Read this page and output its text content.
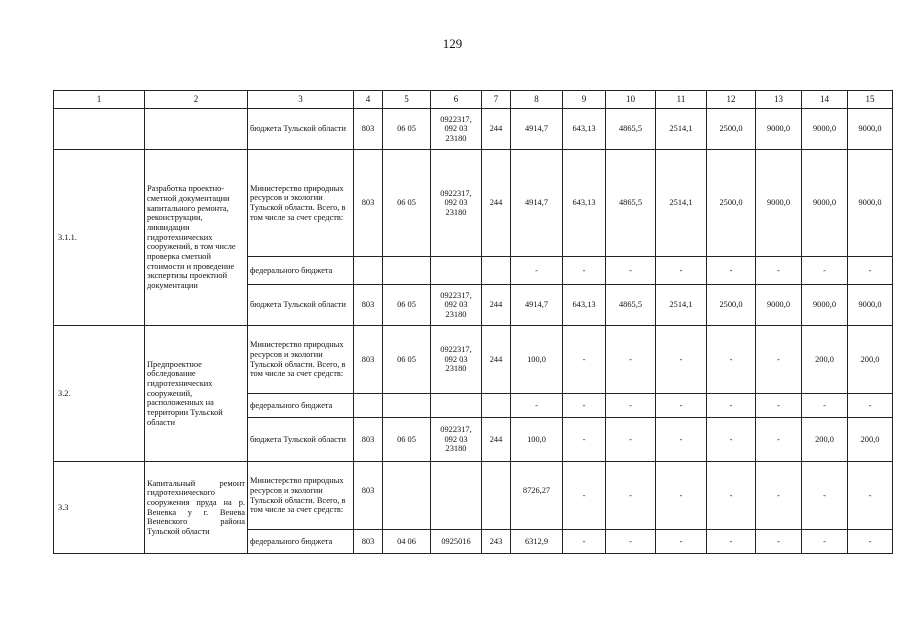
129
1	2	3	4	5	6	7	8	9	10	11	12	13	14	15
		бюджета Тульской области	803	06 05	0922317, 092 03 23180	244	4914,7	643,13	4865,5	2514,1	2500,0	9000,0	9000,0	9000,0
3.1.1.	Разработка проектно-сметной документации капитального ремонта, реконструкции, ликвидации гидротехнических сооружений, в том числе проверка сметной стоимости и проведение экспертизы проектной документации	Министерство природных ресурсов и экологии Тульской области. Всего, в том числе за счет средств:	803	06 05	0922317, 092 03 23180	244	4914,7	643,13	4865,5	2514,1	2500,0	9000,0	9000,0	9000,0
		федерального бюджета					-	-	-	-	-	-	-	-
		бюджета Тульской области	803	06 05	0922317, 092 03 23180	244	4914,7	643,13	4865,5	2514,1	2500,0	9000,0	9000,0	9000,0
3.2.	Предпроектное обследование гидротехнических сооружений, расположенных на территории Тульской области	Министерство природных ресурсов и экологии Тульской области. Всего, в том числе за счет средств:	803	06 05	0922317, 092 03 23180	244	100,0	-	-	-	-	-	200,0	200,0
		федерального бюджета					-	-	-	-	-	-	-	-
		бюджета Тульской области	803	06 05	0922317, 092 03 23180	244	100,0	-	-	-	-	-	200,0	200,0
3.3	Капитальный ремонт гидротехнического сооружения пруда на р. Веневка у г. Венева Веневского района Тульской области	Министерство природных ресурсов и экологии Тульской области. Всего, в том числе за счет средств:	803				8726,27	-	-	-	-	-	-	-
		федерального бюджета	803	04 06	0925016	243	6312,9	-	-	-	-	-	-	-
